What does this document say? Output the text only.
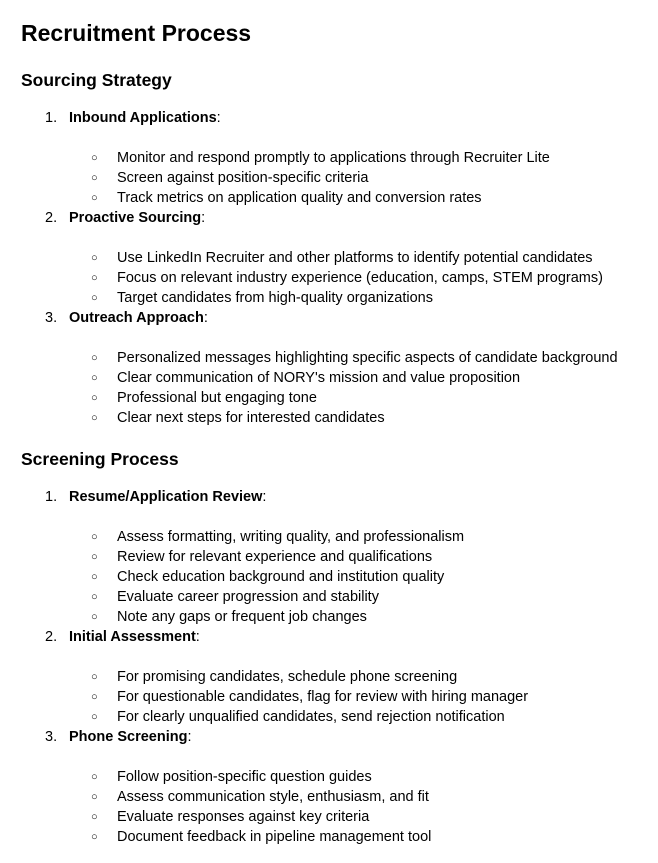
Recruitment Process
Sourcing Strategy
1. Inbound Applications:
○ Monitor and respond promptly to applications through Recruiter Lite
○ Screen against position-specific criteria
○ Track metrics on application quality and conversion rates
2. Proactive Sourcing:
○ Use LinkedIn Recruiter and other platforms to identify potential candidates
○ Focus on relevant industry experience (education, camps, STEM programs)
○ Target candidates from high-quality organizations
3. Outreach Approach:
○ Personalized messages highlighting specific aspects of candidate background
○ Clear communication of NORY's mission and value proposition
○ Professional but engaging tone
○ Clear next steps for interested candidates
Screening Process
1. Resume/Application Review:
○ Assess formatting, writing quality, and professionalism
○ Review for relevant experience and qualifications
○ Check education background and institution quality
○ Evaluate career progression and stability
○ Note any gaps or frequent job changes
2. Initial Assessment:
○ For promising candidates, schedule phone screening
○ For questionable candidates, flag for review with hiring manager
○ For clearly unqualified candidates, send rejection notification
3. Phone Screening:
○ Follow position-specific question guides
○ Assess communication style, enthusiasm, and fit
○ Evaluate responses against key criteria
○ Document feedback in pipeline management tool
